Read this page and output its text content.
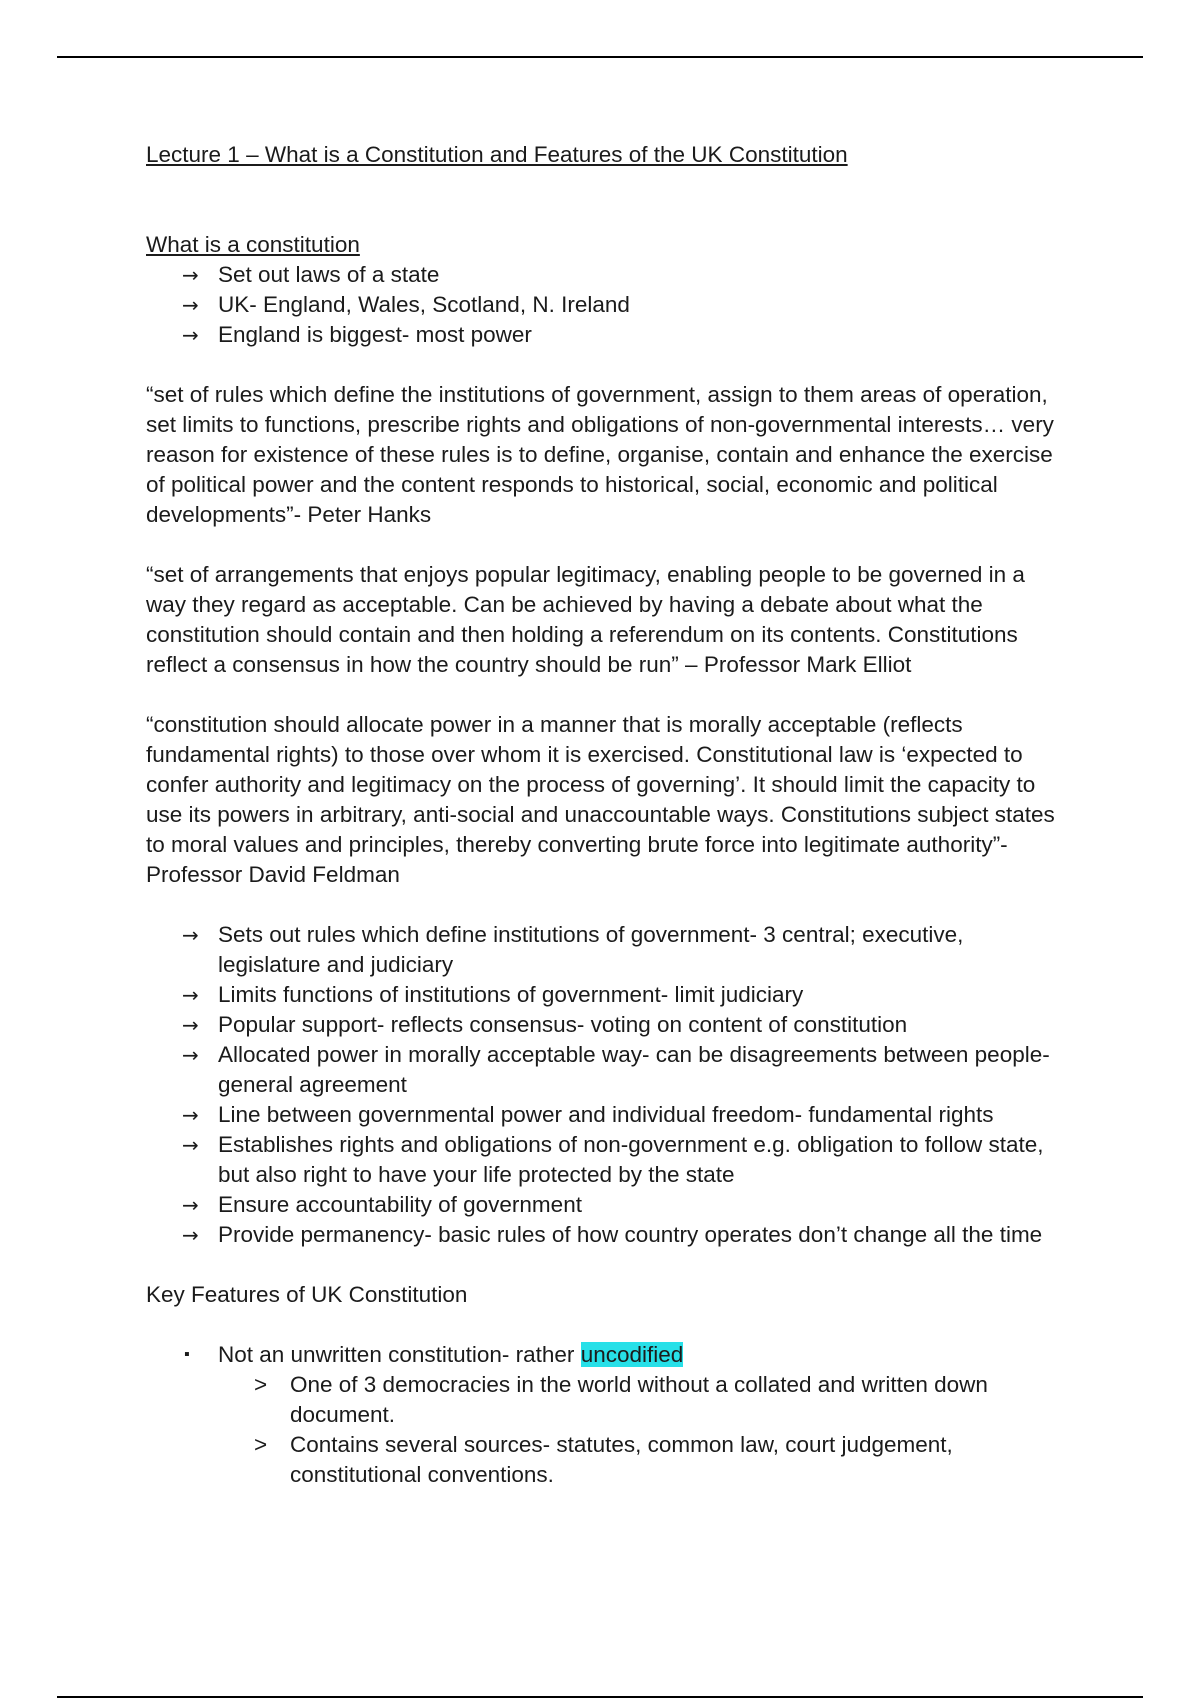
Lecture 1 – What is a Constitution and Features of the UK Constitution

What is a constitution

→ Set out laws of a state
→ UK- England, Wales, Scotland, N. Ireland
→ England is biggest- most power

“set of rules which define the institutions of government, assign to them areas of operation, set limits to functions, prescribe rights and obligations of non-governmental interests… very reason for existence of these rules is to define, organise, contain and enhance the exercise of political power and the content responds to historical, social, economic and political developments”- Peter Hanks

“set of arrangements that enjoys popular legitimacy, enabling people to be governed in a way they regard as acceptable. Can be achieved by having a debate about what the constitution should contain and then holding a referendum on its contents. Constitutions reflect a consensus in how the country should be run” – Professor Mark Elliot

“constitution should allocate power in a manner that is morally acceptable (reflects fundamental rights) to those over whom it is exercised. Constitutional law is ‘expected to confer authority and legitimacy on the process of governing’. It should limit the capacity to use its powers in arbitrary, anti-social and unaccountable ways. Constitutions subject states to moral values and principles, thereby converting brute force into legitimate authority”- Professor David Feldman

→ Sets out rules which define institutions of government- 3 central; executive, legislature and judiciary
→ Limits functions of institutions of government- limit judiciary
→ Popular support- reflects consensus- voting on content of constitution
→ Allocated power in morally acceptable way- can be disagreements between people- general agreement
→ Line between governmental power and individual freedom- fundamental rights
→ Establishes rights and obligations of non-government e.g. obligation to follow state, but also right to have your life protected by the state
→ Ensure accountability of government
→ Provide permanency- basic rules of how country operates don’t change all the time

Key Features of UK Constitution

▪ Not an unwritten constitution- rather uncodified
> One of 3 democracies in the world without a collated and written down document.
> Contains several sources- statutes, common law, court judgement, constitutional conventions.
